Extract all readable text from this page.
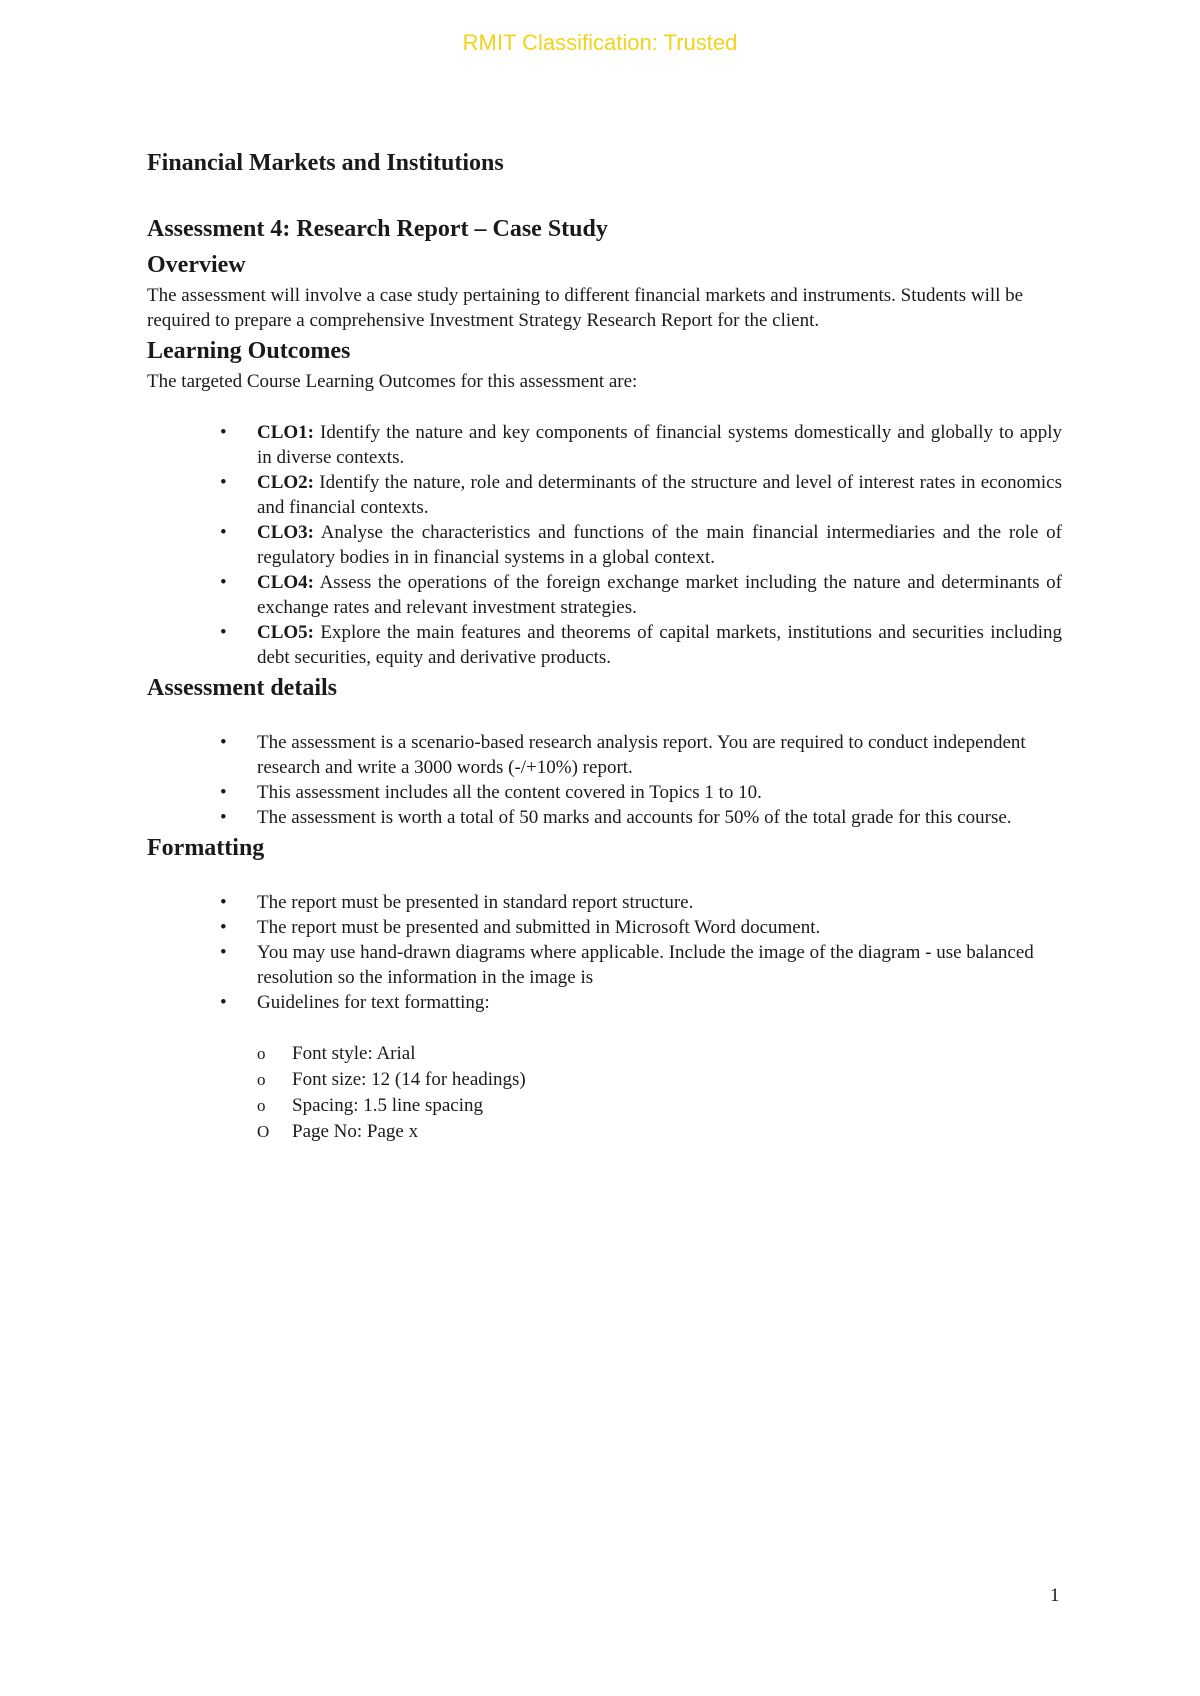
RMIT Classification: Trusted
Financial Markets and Institutions
Assessment 4: Research Report – Case Study
Overview

The assessment will involve a case study pertaining to different financial markets and instruments. Students will be required to prepare a comprehensive Investment Strategy Research Report for the client.

Learning Outcomes

The targeted Course Learning Outcomes for this assessment are:

• CLO1: Identify the nature and key components of financial systems domestically and globally to apply in diverse contexts.
• CLO2: Identify the nature, role and determinants of the structure and level of interest rates in economics and financial contexts.
• CLO3: Analyse the characteristics and functions of the main financial intermediaries and the role of regulatory bodies in in financial systems in a global context.
• CLO4: Assess the operations of the foreign exchange market including the nature and determinants of exchange rates and relevant investment strategies.
• CLO5: Explore the main features and theorems of capital markets, institutions and securities including debt securities, equity and derivative products.
Assessment details
• The assessment is a scenario-based research analysis report. You are required to conduct independent research and write a 3000 words (-/+10%) report.
• This assessment includes all the content covered in Topics 1 to 10.
• The assessment is worth a total of 50 marks and accounts for 50% of the total grade for this course.
Formatting
• The report must be presented in standard report structure.
• The report must be presented and submitted in Microsoft Word document.
• You may use hand-drawn diagrams where applicable. Include the image of the diagram - use balanced resolution so the information in the image is
• Guidelines for text formatting:
o Font style: Arial
o Font size: 12 (14 for headings)
o Spacing: 1.5 line spacing
O Page No: Page x
1
